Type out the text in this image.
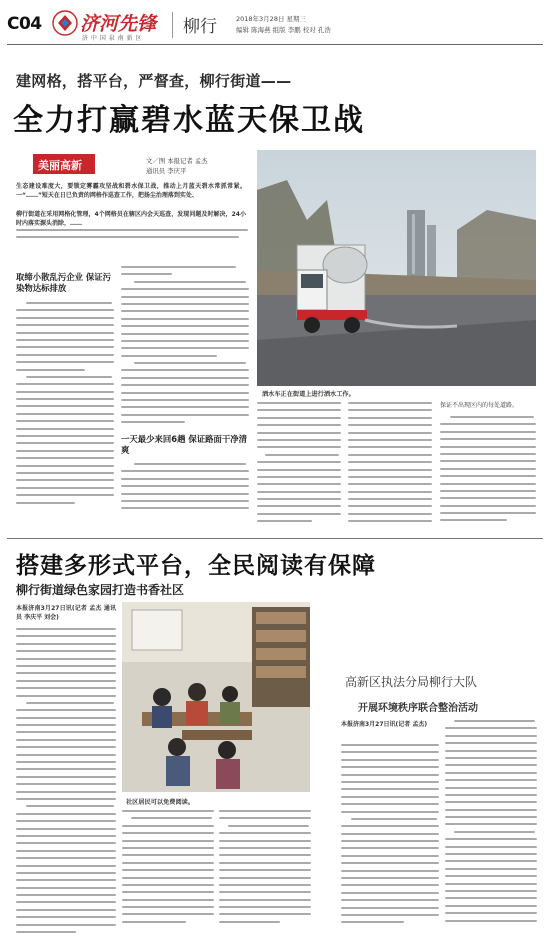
C04 济河先锋
济 中 国 泉 南 新 区
柳行	2018年3月28日 星期三
编辑 陈海燕 组版 李鹏 校对 孔浩
建网格，搭平台，严督查，柳行街道——
全力打赢碧水蓝天保卫战
美丽高新	文／图 本报记者 孟杰
通讯员 李庆平
生态建设难度大，要锁定雾霾攻坚战和碧水保卫战，推动上月蓝天碧水常抓常紧。一“……”短天在日已负责的网格作巡查工作，把扬尘治理落到实处、
柳行街道在采用网格化管理，4个网格员在辖区内会天巡查，发现问题及时解决，24小时内落实源头消除，……
洒水车正在街道上进行洒水工作。
取缔小散乱污企业 保证污染物达标排放
一天最少来回6趟 保证路面干净清爽
保证不出现区内的每处道路。
搭建多形式平台，全民阅读有保障
柳行街道绿色家园打造书香社区
本报济南3月27日讯(记者 孟杰 通讯员 李庆平 刘会)
社区居民可以免费阅读。
高新区执法分局柳行大队
开展环境秩序联合整治活动
本报济南3月27日讯(记者 孟杰)
